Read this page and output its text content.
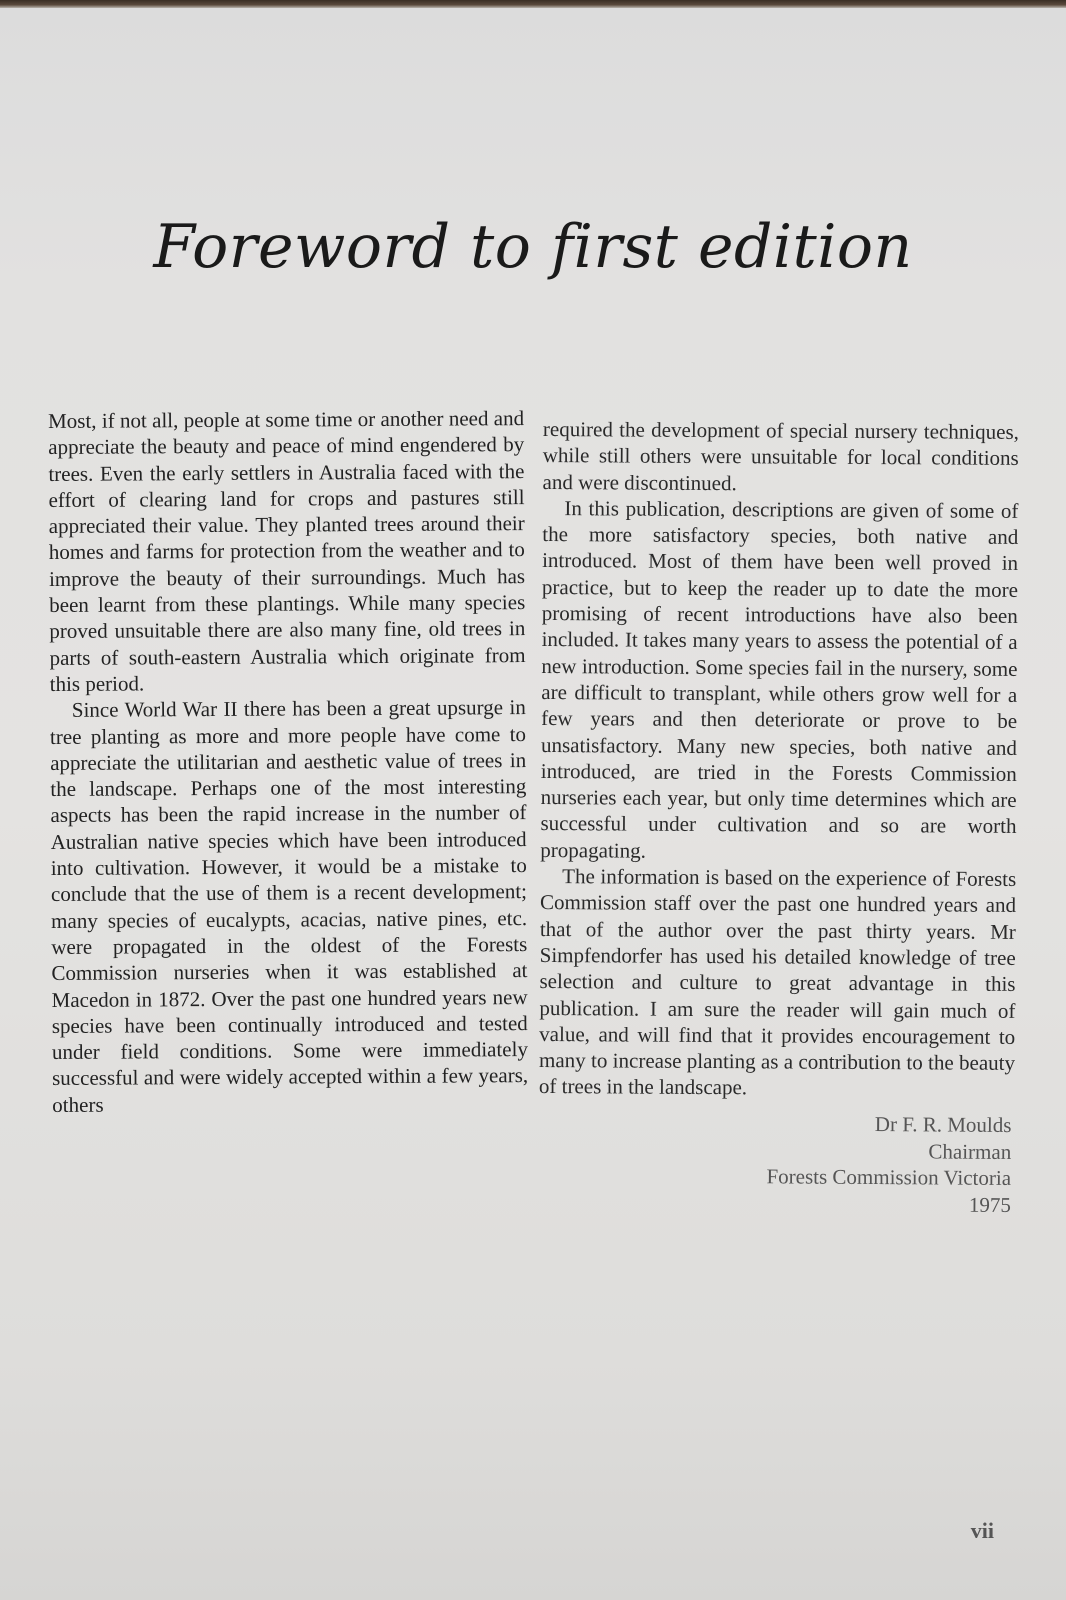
Foreword to first edition

Most, if not all, people at some time or another need and appreciate the beauty and peace of mind engendered by trees. Even the early settlers in Australia faced with the effort of clearing land for crops and pastures still appreciated their value. They planted trees around their homes and farms for protection from the weather and to improve the beauty of their surroundings. Much has been learnt from these plantings. While many species proved unsuitable there are also many fine, old trees in parts of south-eastern Australia which originate from this period.

Since World War II there has been a great upsurge in tree planting as more and more people have come to appreciate the utilitarian and aesthetic value of trees in the landscape. Perhaps one of the most interesting aspects has been the rapid increase in the number of Australian native species which have been introduced into cultivation. However, it would be a mistake to conclude that the use of them is a recent development; many species of eucalypts, acacias, native pines, etc. were propagated in the oldest of the Forests Commission nurseries when it was established at Macedon in 1872. Over the past one hundred years new species have been continually introduced and tested under field conditions. Some were immediately successful and were widely accepted within a few years, others

required the development of special nursery techniques, while still others were unsuitable for local conditions and were discontinued.

In this publication, descriptions are given of some of the more satisfactory species, both native and introduced. Most of them have been well proved in practice, but to keep the reader up to date the more promising of recent introductions have also been included. It takes many years to assess the potential of a new introduction. Some species fail in the nursery, some are difficult to transplant, while others grow well for a few years and then deteriorate or prove to be unsatisfactory. Many new species, both native and introduced, are tried in the Forests Commission nurseries each year, but only time determines which are successful under cultivation and so are worth propagating.

The information is based on the experience of Forests Commission staff over the past one hundred years and that of the author over the past thirty years. Mr Simpfendorfer has used his detailed knowledge of tree selection and culture to great advantage in this publication. I am sure the reader will gain much of value, and will find that it provides encouragement to many to increase planting as a contribution to the beauty of trees in the landscape.

Dr F. R. Moulds
Chairman
Forests Commission Victoria
1975
vii
